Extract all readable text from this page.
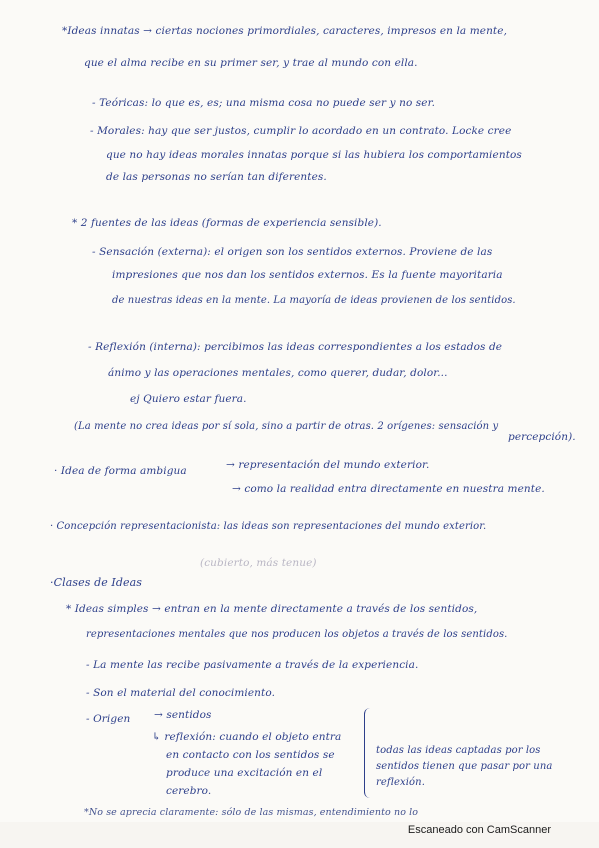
*Ideas innatas → ciertas nociones primordiales, caracteres, impresos en la mente,
que el alma recibe en su primer ser, y trae al mundo con ella.
- Teóricas: lo que es, es; una misma cosa no puede ser y no ser.
- Morales: hay que ser justos, cumplir lo acordado en un contrato. Locke cree
que no hay ideas morales innatas porque si las hubiera los comportamientos
de las personas no serían tan diferentes.
* 2 fuentes de las ideas (formas de experiencia sensible).
- Sensación (externa): el origen son los sentidos externos. Proviene de las
impresiones que nos dan los sentidos externos. Es la fuente mayoritaria
de nuestras ideas en la mente. La mayoría de ideas provienen de los sentidos.
- Reflexión (interna): percibimos las ideas correspondientes a los estados de
ánimo y las operaciones mentales, como querer, dudar, dolor...
ej Quiero estar fuera.
(La mente no crea ideas por sí sola, sino a partir de otras. 2 orígenes: sensación y
percepción).
· Idea de forma ambigua	→ representación del mundo exterior.
→ como la realidad entra directamente en nuestra mente.
· Concepción representacionista: las ideas son representaciones del mundo exterior.
(cubierto, más tenue)
·Clases de Ideas
* Ideas simples → entran en la mente directamente a través de los sentidos,
representaciones mentales que nos producen los objetos a través de los sentidos.
- La mente las recibe pasivamente a través de la experiencia.
- Son el material del conocimiento.
- Origen → sentidos
↳ reflexión: cuando el objeto entra
en contacto con los sentidos se
produce una excitación en el
cerebro.
todas las ideas captadas por los
sentidos tienen que pasar por una
reflexión.
*No se aprecia claramente: sólo de las mismas, entendimiento no lo
Escaneado con CamScanner
